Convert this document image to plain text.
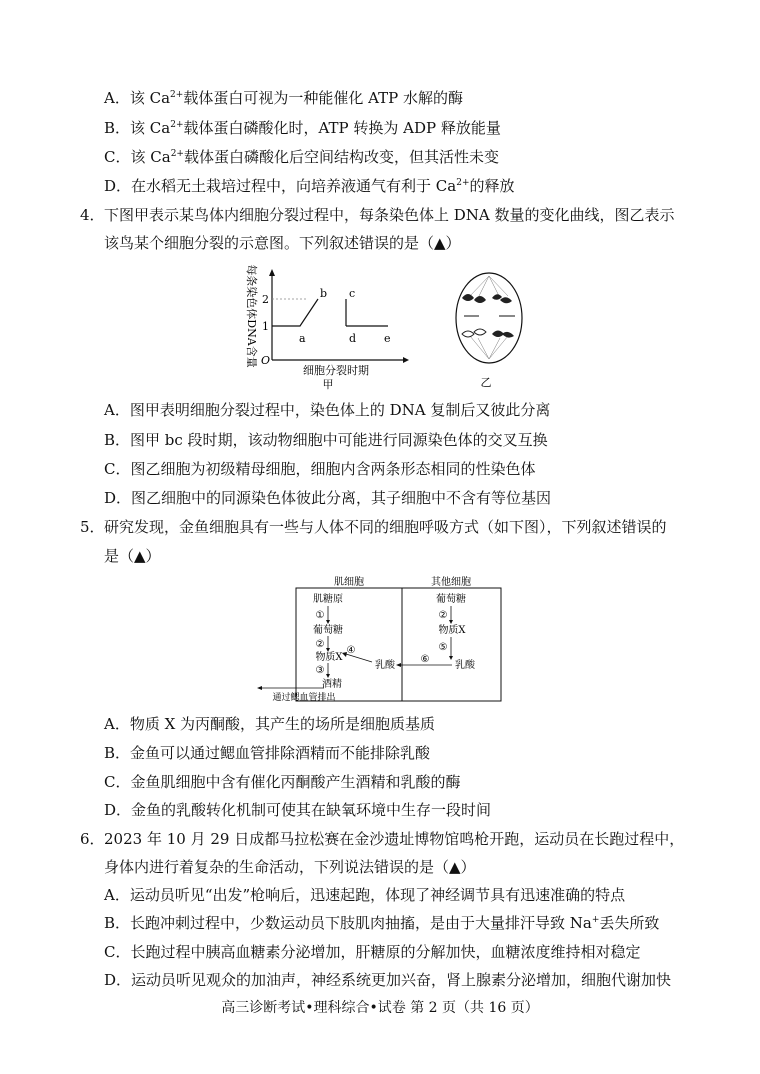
A．该 $Ca^{2+}$载体蛋白可视为一种能催化 ATP 水解的酶
B．该 $Ca^{2+}$载体蛋白磷酸化时，ATP 转换为 ADP 释放能量
C．该 $Ca^{2+}$载体蛋白磷酸化后空间结构改变，但其活性未变
D．在水稻无土栽培过程中，向培养液通气有利于 $Ca^{2+}$的释放
4． 下图甲表示某鸟体内细胞分裂过程中，每条染色体上 DNA 数量的变化曲线，图乙表示
该鸟某个细胞分裂的示意图。下列叙述错误的是（▲）
每条染色体DNA含量 O
1
2
a
b c
d	e
细胞分裂时期
甲	乙
A．图甲表明细胞分裂过程中，染色体上的 DNA 复制后又彼此分离
B．图甲 bc 段时期，该动物细胞中可能进行同源染色体的交叉互换
C．图乙细胞为初级精母细胞，细胞内含两条形态相同的性染色体
D．图乙细胞中的同源染色体彼此分离，其子细胞中不含有等位基因
5． 研究发现，金鱼细胞具有一些与人体不同的细胞呼吸方式（如下图），下列叙述错误的
是（▲）
肌细胞	其他细胞
肌糖原
①
葡萄糖
②
物质X
③
酒精
通过鳃血管排出
乳酸
④
葡萄糖
②
物质X
⑤
乳酸
⑥
A．物质 X 为丙酮酸，其产生的场所是细胞质基质
B．金鱼可以通过鳃血管排除酒精而不能排除乳酸
C．金鱼肌细胞中含有催化丙酮酸产生酒精和乳酸的酶
D．金鱼的乳酸转化机制可使其在缺氧环境中生存一段时间
6． 2023 年 10 月 29 日成都马拉松赛在金沙遗址博物馆鸣枪开跑，运动员在长跑过程中，
身体内进行着复杂的生命活动，下列说法错误的是（▲）
A．运动员听见“出发”枪响后，迅速起跑，体现了神经调节具有迅速准确的特点
B．长跑冲刺过程中，少数运动员下肢肌肉抽搐，是由于大量排汗导致 Na+丢失所致
C．长跑过程中胰高血糖素分泌增加，肝糖原的分解加快，血糖浓度维持相对稳定
D．运动员听见观众的加油声，神经系统更加兴奋，肾上腺素分泌增加，细胞代谢加快
高三诊断考试•理科综合•试卷 第 2 页（共 16 页）
